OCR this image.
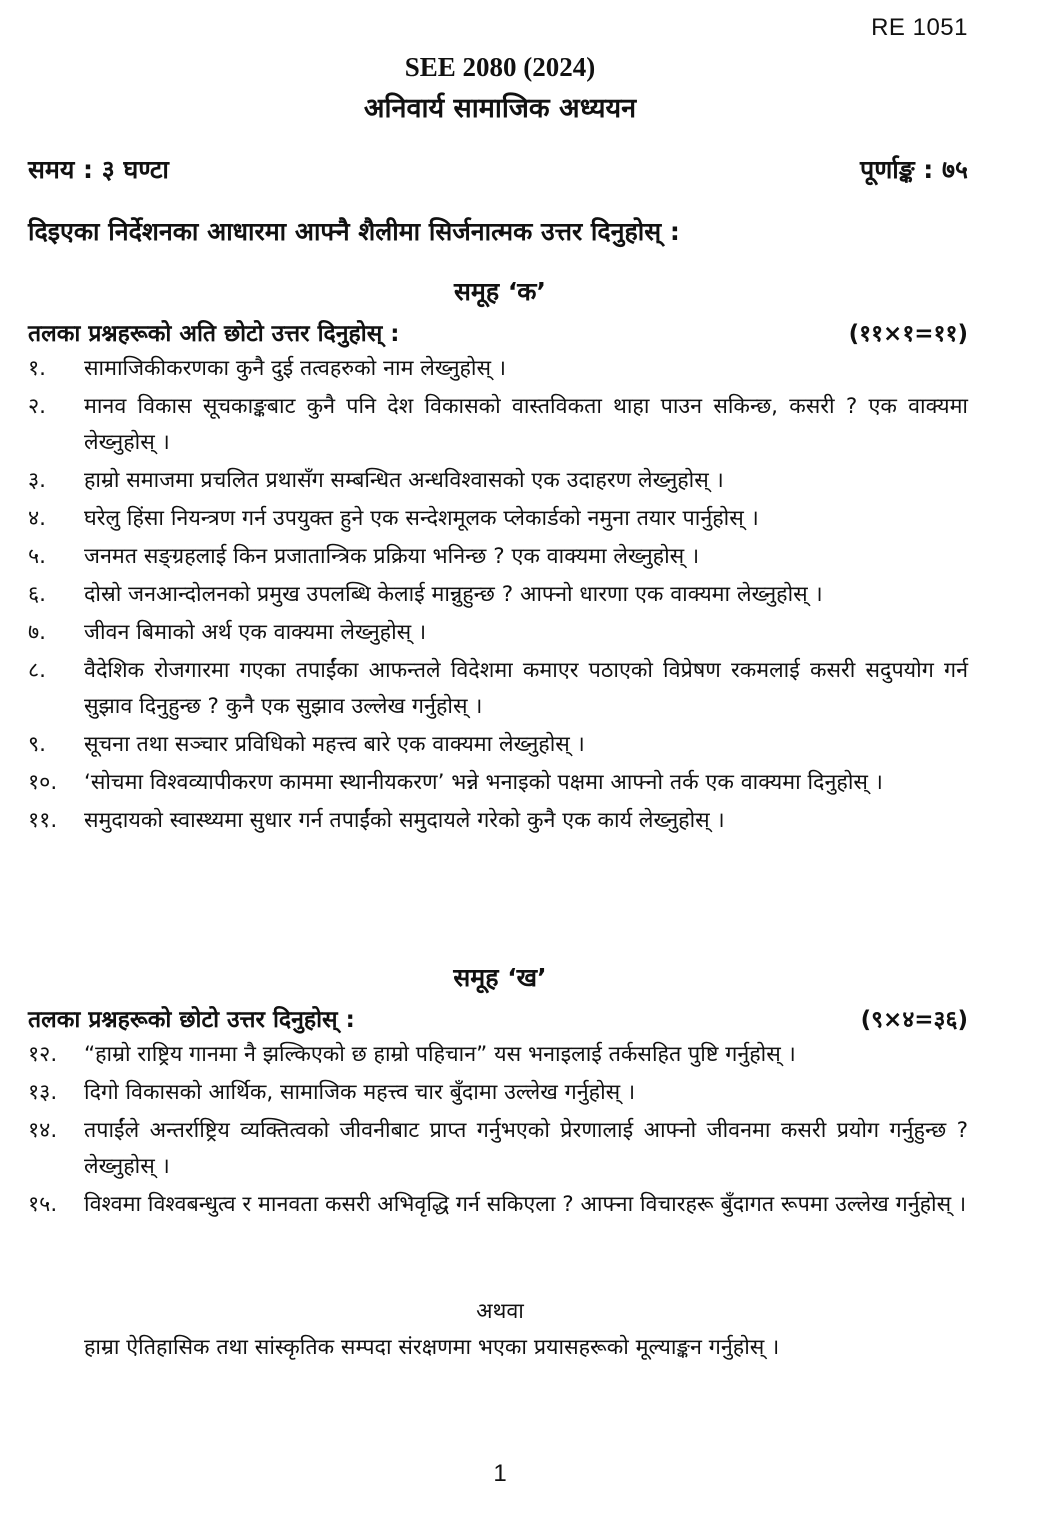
RE 1051
SEE 2080 (2024)
अनिवार्य सामाजिक अध्ययन
समय : ३ घण्टा	पूर्णाङ्क : ७५
दिइएका निर्देशनका आधारमा आफ्नै शैलीमा सिर्जनात्मक उत्तर दिनुहोस् :
समूह ‘क’
तलका प्रश्नहरूको अति छोटो उत्तर दिनुहोस् :	(११×१=११)
१.	सामाजिकीकरणका कुनै दुई तत्वहरुको नाम लेख्नुहोस् ।
२.	मानव विकास सूचकाङ्कबाट कुनै पनि देश विकासको वास्तविकता थाहा पाउन सकिन्छ, कसरी ? एक वाक्यमा लेख्नुहोस् ।
३.	हाम्रो समाजमा प्रचलित प्रथासँग सम्बन्धित अन्धविश्वासको एक उदाहरण लेख्नुहोस् ।
४.	घरेलु हिंसा नियन्त्रण गर्न उपयुक्त हुने एक सन्देशमूलक प्लेकार्डको नमुना तयार पार्नुहोस् ।
५.	जनमत सङ्ग्रहलाई किन प्रजातान्त्रिक प्रक्रिया भनिन्छ ? एक वाक्यमा लेख्नुहोस् ।
६.	दोस्रो जनआन्दोलनको प्रमुख उपलब्धि केलाई मान्नुहुन्छ ? आफ्नो धारणा एक वाक्यमा लेख्नुहोस् ।
७.	जीवन बिमाको अर्थ एक वाक्यमा लेख्नुहोस् ।
८.	वैदेशिक रोजगारमा गएका तपाईंका आफन्तले विदेशमा कमाएर पठाएको विप्रेषण रकमलाई कसरी सदुपयोग गर्न सुझाव दिनुहुन्छ ? कुनै एक सुझाव उल्लेख गर्नुहोस् ।
९.	सूचना तथा सञ्चार प्रविधिको महत्त्व बारे एक वाक्यमा लेख्नुहोस् ।
१०.	‘सोचमा विश्वव्यापीकरण काममा स्थानीयकरण’ भन्ने भनाइको पक्षमा आफ्नो तर्क एक वाक्यमा दिनुहोस् ।
११.	समुदायको स्वास्थ्यमा सुधार गर्न तपाईंको समुदायले गरेको कुनै एक कार्य लेख्नुहोस् ।
समूह ‘ख’
तलका प्रश्नहरूको छोटो उत्तर दिनुहोस् :	(९×४=३६)
१२.	“हाम्रो राष्ट्रिय गानमा नै झल्किएको छ हाम्रो पहिचान” यस भनाइलाई तर्कसहित पुष्टि गर्नुहोस् ।
१३.	दिगो विकासको आर्थिक, सामाजिक महत्त्व चार बुँदामा उल्लेख गर्नुहोस् ।
१४.	तपाईंले अन्तर्राष्ट्रिय व्यक्तित्वको जीवनीबाट प्राप्त गर्नुभएको प्रेरणालाई आफ्नो जीवनमा कसरी प्रयोग गर्नुहुन्छ ? लेख्नुहोस् ।
१५.	विश्वमा विश्वबन्धुत्व र मानवता कसरी अभिवृद्धि गर्न सकिएला ? आफ्ना विचारहरू बुँदागत रूपमा उल्लेख गर्नुहोस् ।
अथवा
हाम्रा ऐतिहासिक तथा सांस्कृतिक सम्पदा संरक्षणमा भएका प्रयासहरूको मूल्याङ्कन गर्नुहोस् ।
1
